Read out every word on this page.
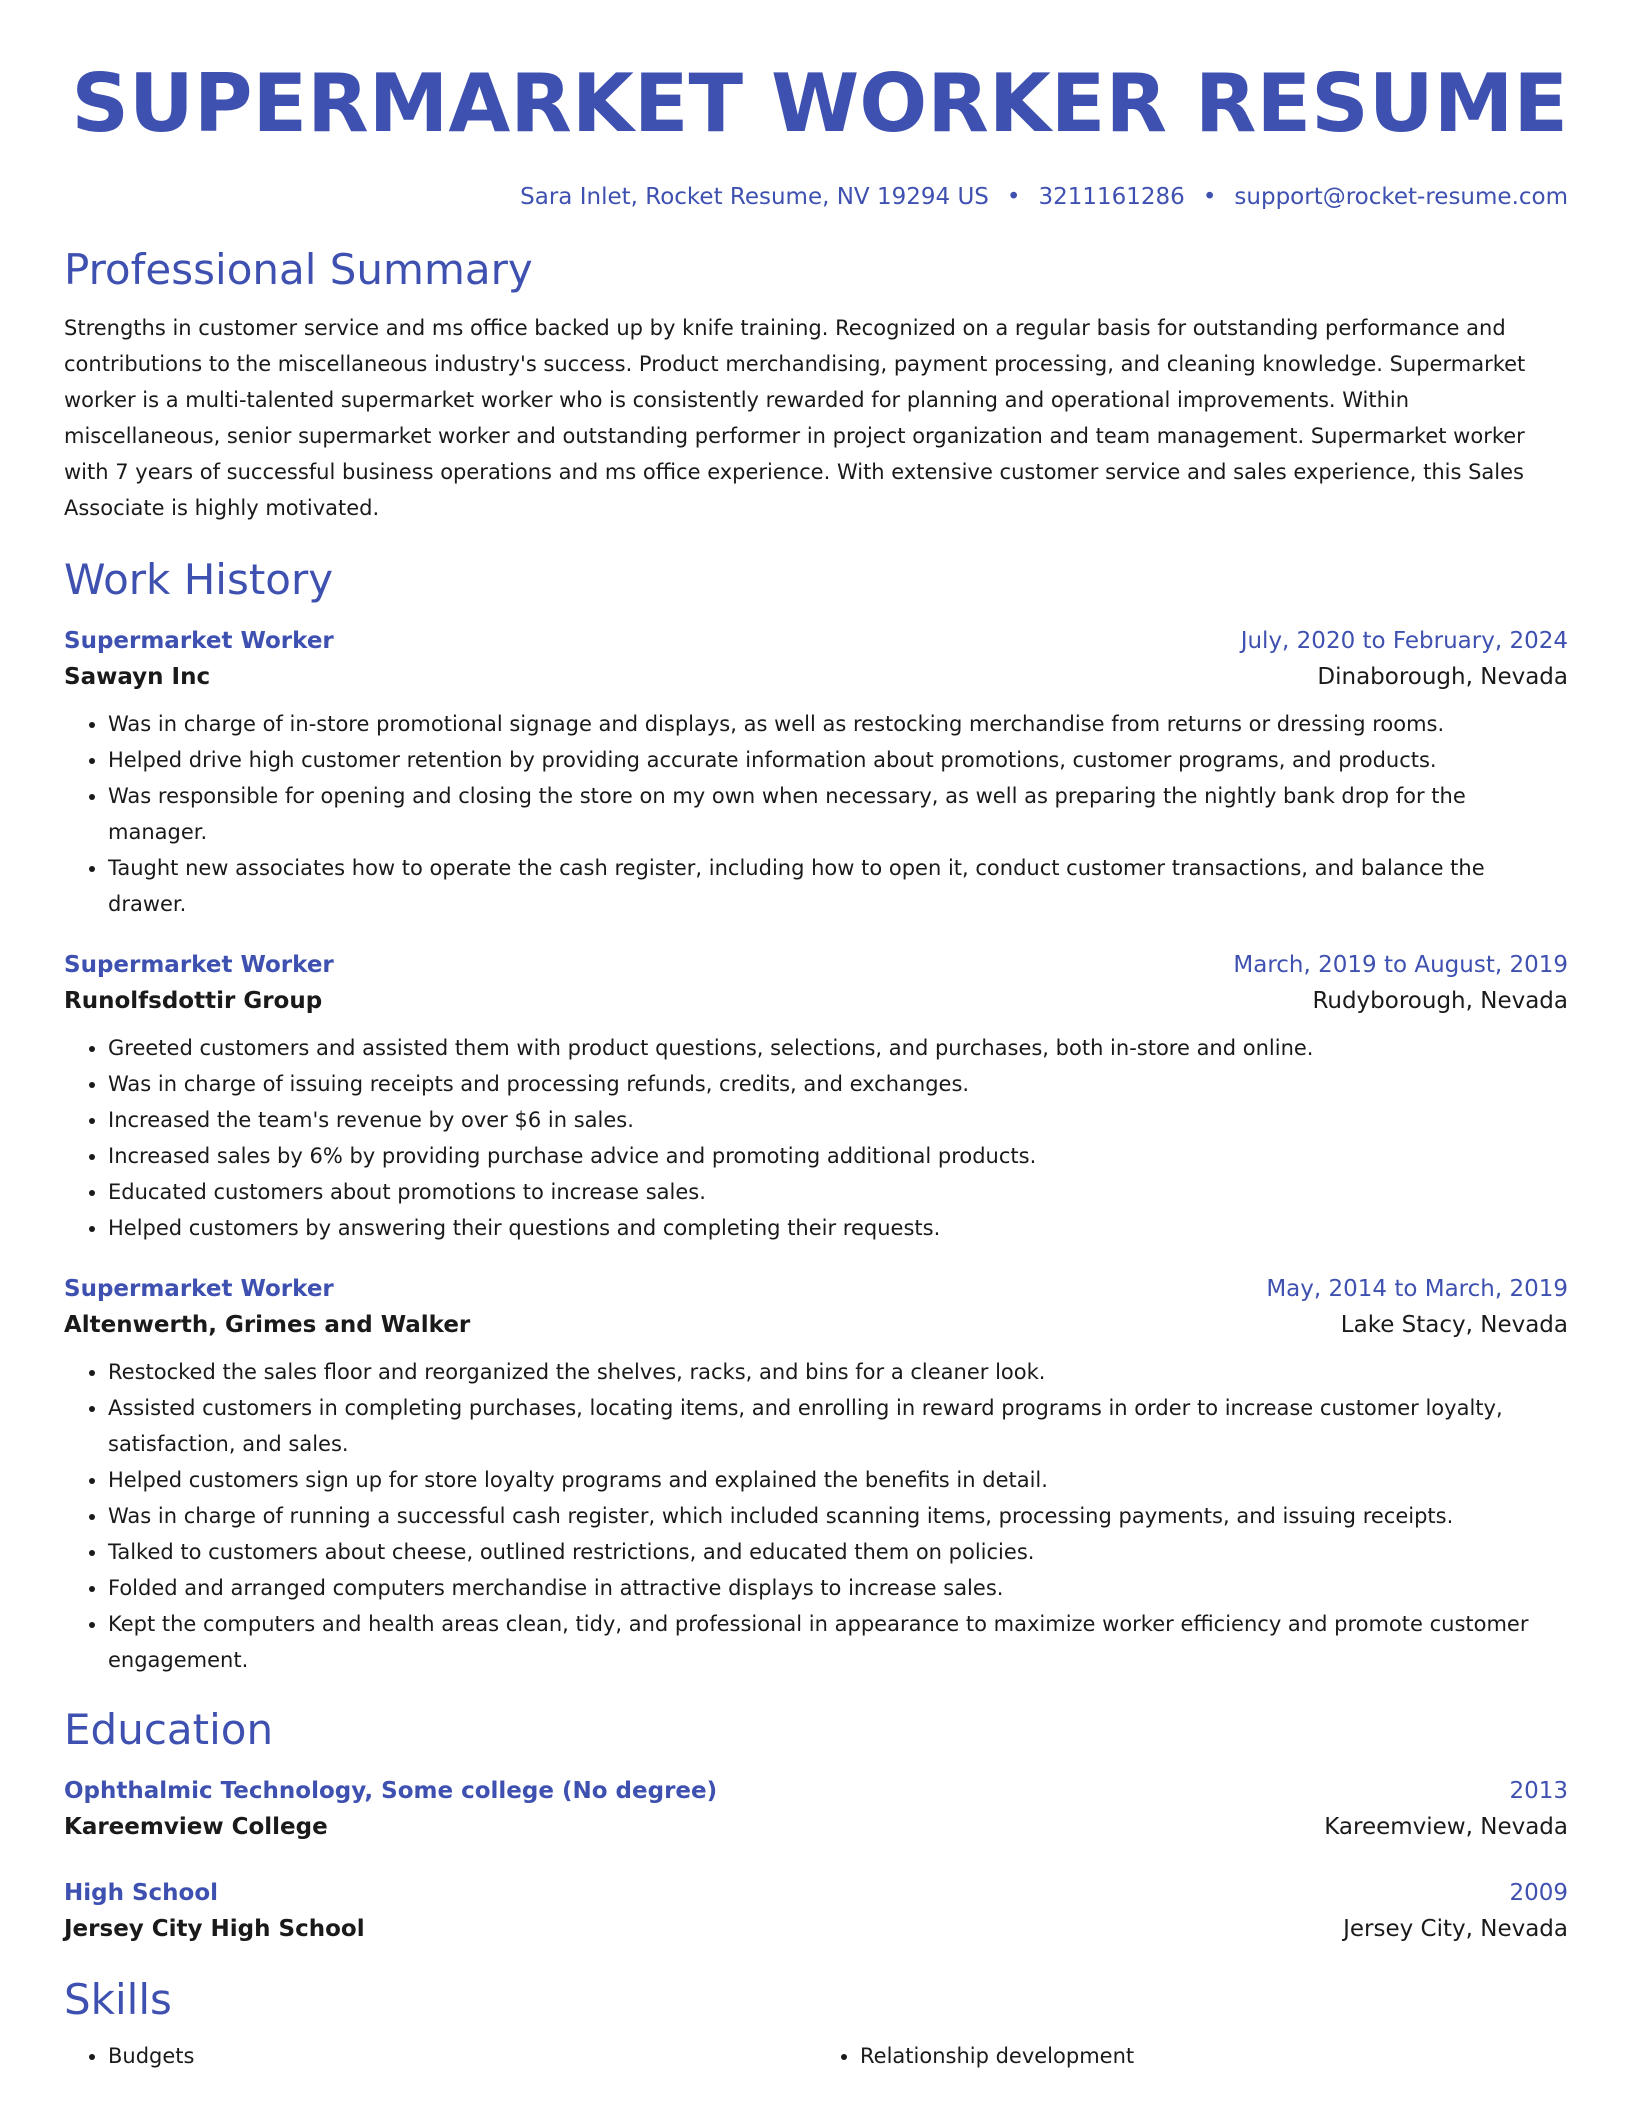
SUPERMARKET WORKER RESUME
Sara Inlet, Rocket Resume, NV 19294 US • 3211161286 • support@rocket-resume.com
Professional Summary
Strengths in customer service and ms office backed up by knife training. Recognized on a regular basis for outstanding performance and contributions to the miscellaneous industry's success. Product merchandising, payment processing, and cleaning knowledge. Supermarket worker is a multi-talented supermarket worker who is consistently rewarded for planning and operational improvements. Within miscellaneous, senior supermarket worker and outstanding performer in project organization and team management. Supermarket worker with 7 years of successful business operations and ms office experience. With extensive customer service and sales experience, this Sales Associate is highly motivated.
Work History
Supermarket Worker	July, 2020 to February, 2024
Sawayn Inc	Dinaborough, Nevada
• Was in charge of in-store promotional signage and displays, as well as restocking merchandise from returns or dressing rooms.
• Helped drive high customer retention by providing accurate information about promotions, customer programs, and products.
• Was responsible for opening and closing the store on my own when necessary, as well as preparing the nightly bank drop for the manager.
• Taught new associates how to operate the cash register, including how to open it, conduct customer transactions, and balance the drawer.
Supermarket Worker	March, 2019 to August, 2019
Runolfsdottir Group	Rudyborough, Nevada
• Greeted customers and assisted them with product questions, selections, and purchases, both in-store and online.
• Was in charge of issuing receipts and processing refunds, credits, and exchanges.
• Increased the team's revenue by over $6 in sales.
• Increased sales by 6% by providing purchase advice and promoting additional products.
• Educated customers about promotions to increase sales.
• Helped customers by answering their questions and completing their requests.
Supermarket Worker	May, 2014 to March, 2019
Altenwerth, Grimes and Walker	Lake Stacy, Nevada
• Restocked the sales floor and reorganized the shelves, racks, and bins for a cleaner look.
• Assisted customers in completing purchases, locating items, and enrolling in reward programs in order to increase customer loyalty, satisfaction, and sales.
• Helped customers sign up for store loyalty programs and explained the benefits in detail.
• Was in charge of running a successful cash register, which included scanning items, processing payments, and issuing receipts.
• Talked to customers about cheese, outlined restrictions, and educated them on policies.
• Folded and arranged computers merchandise in attractive displays to increase sales.
• Kept the computers and health areas clean, tidy, and professional in appearance to maximize worker efficiency and promote customer engagement.
Education
Ophthalmic Technology, Some college (No degree)	2013
Kareemview College	Kareemview, Nevada
High School	2009
Jersey City High School	Jersey City, Nevada
Skills
• Budgets
•	Relationship development
